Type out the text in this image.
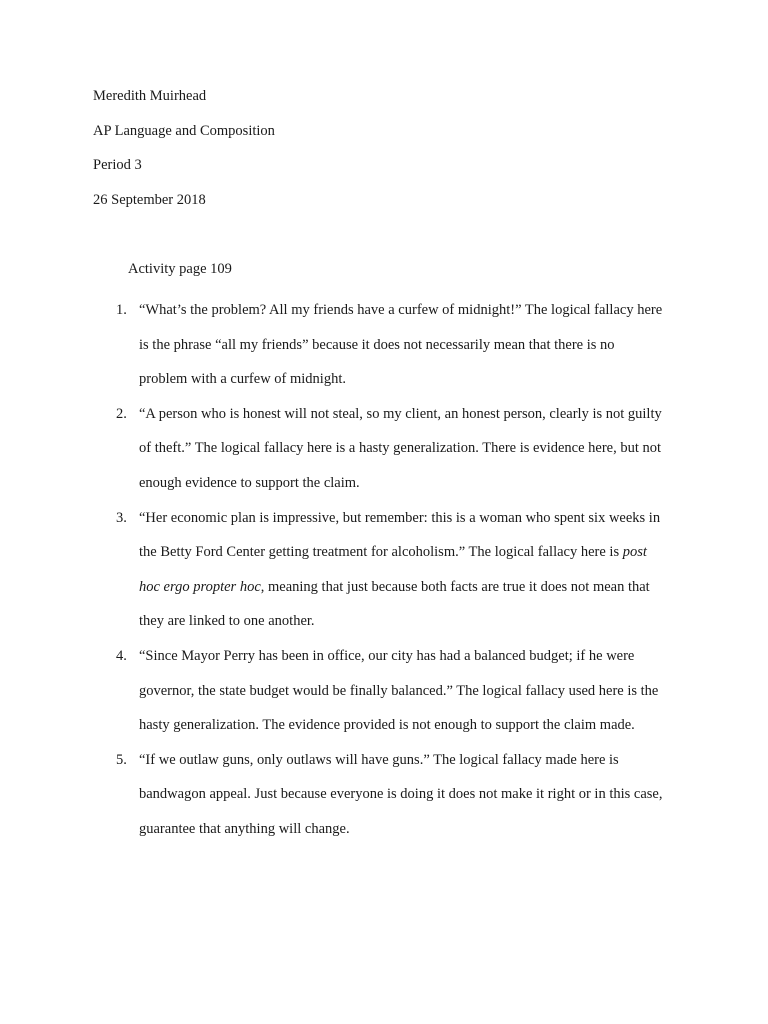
Meredith Muirhead
AP Language and Composition
Period 3
26 September 2018
Activity page 109
1. “What’s the problem? All my friends have a curfew of midnight!” The logical fallacy here is the phrase “all my friends” because it does not necessarily mean that there is no problem with a curfew of midnight.
2. “A person who is honest will not steal, so my client, an honest person, clearly is not guilty of theft.” The logical fallacy here is a hasty generalization. There is evidence here, but not enough evidence to support the claim.
3. “Her economic plan is impressive, but remember: this is a woman who spent six weeks in the Betty Ford Center getting treatment for alcoholism.” The logical fallacy here is post hoc ergo propter hoc, meaning that just because both facts are true it does not mean that they are linked to one another.
4. “Since Mayor Perry has been in office, our city has had a balanced budget; if he were governor, the state budget would be finally balanced.” The logical fallacy used here is the hasty generalization. The evidence provided is not enough to support the claim made.
5. “If we outlaw guns, only outlaws will have guns.” The logical fallacy made here is bandwagon appeal. Just because everyone is doing it does not make it right or in this case, guarantee that anything will change.
